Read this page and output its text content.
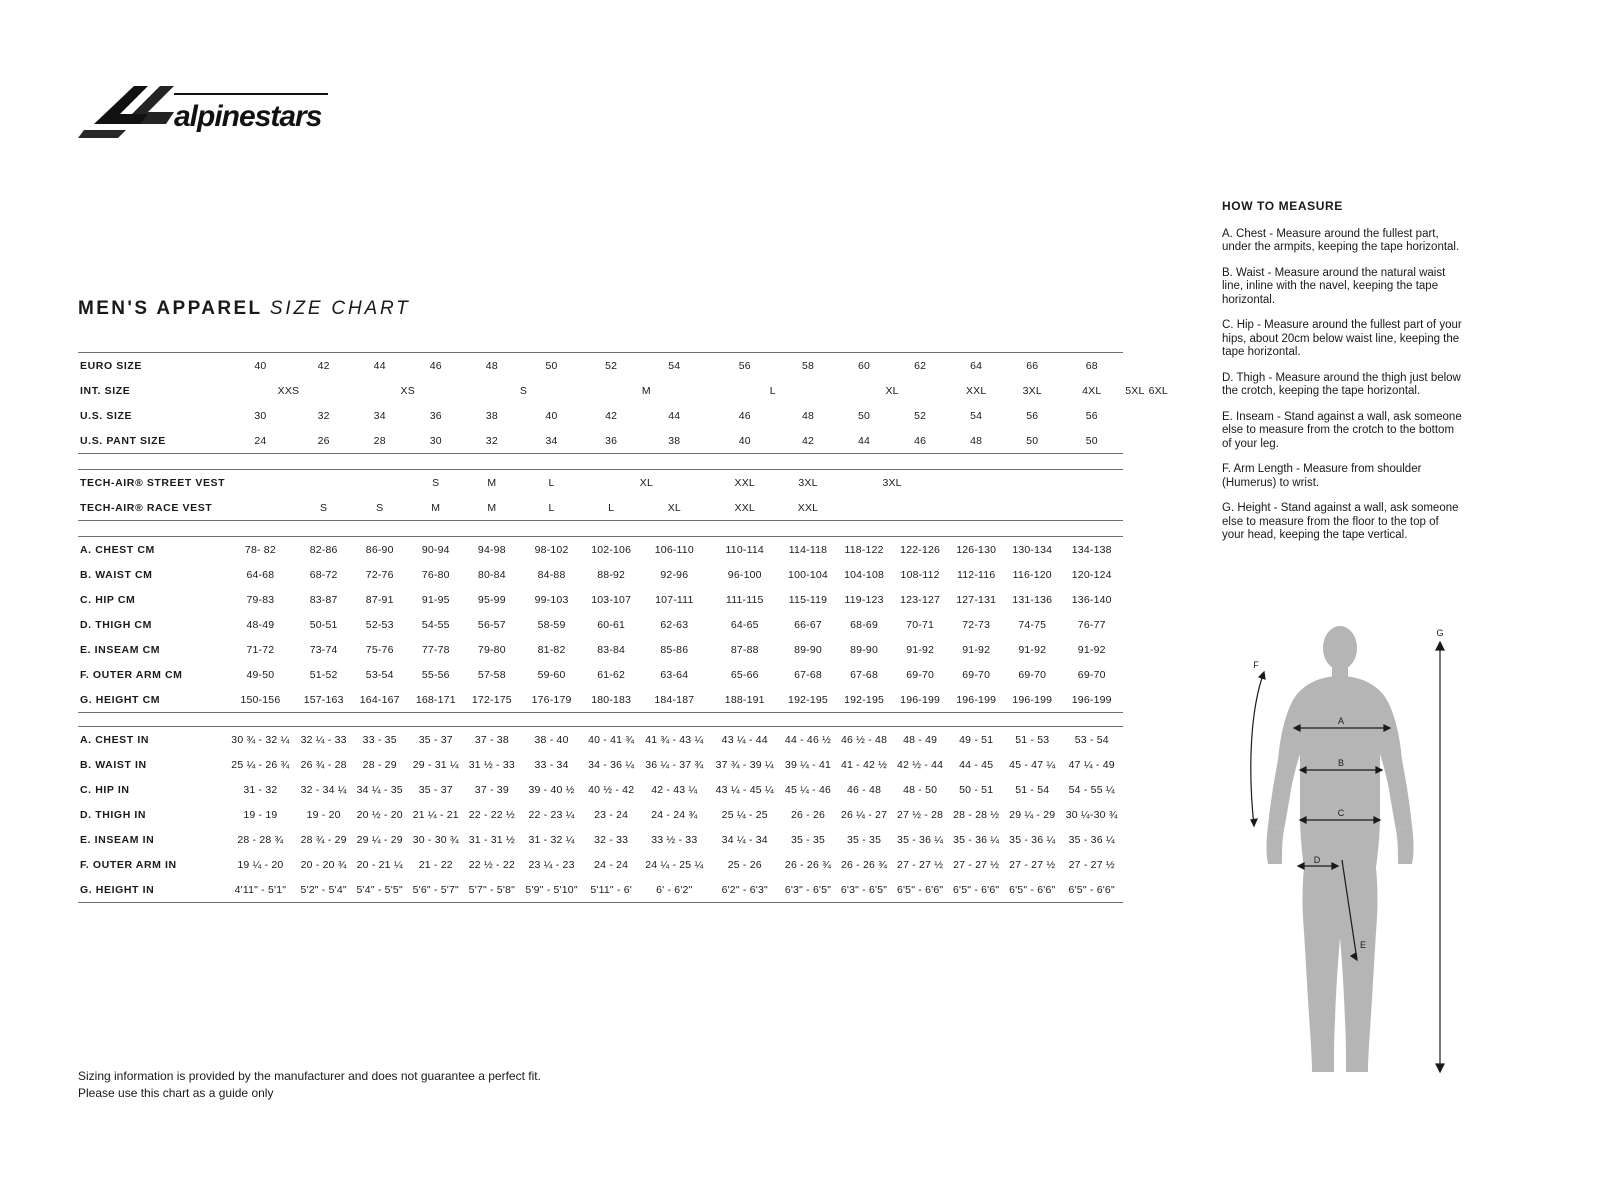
alpinestars
MEN'S APPAREL SIZE CHART
EURO SIZE	40	42	44	46	48	50	52	54	56	58	60	62	64	66	68		
INT. SIZE	XXS		XS		S		M		L		XL		XXL	3XL	4XL	5XL	6XL
U.S. SIZE	30	32	34	36	38	40	42	44	46	48	50	52	54	56	56		
U.S. PANT SIZE	24	26	28	30	32	34	36	38	40	42	44	46	48	50	50		

TECH-AIR® STREET VEST				S	M	L	XL		XXL	3XL	3XL						
TECH-AIR® RACE VEST		S	S	M	M	L	L	XL	XXL	XXL							

A. CHEST CM	78- 82	82-86	86-90	90-94	94-98	98-102	102-106	106-110	110-114	114-118	118-122	122-126	126-130	130-134	134-138		
B. WAIST CM	64-68	68-72	72-76	76-80	80-84	84-88	88-92	92-96	96-100	100-104	104-108	108-112	112-116	116-120	120-124		
C. HIP CM	79-83	83-87	87-91	91-95	95-99	99-103	103-107	107-111	111-115	115-119	119-123	123-127	127-131	131-136	136-140		
D. THIGH CM	48-49	50-51	52-53	54-55	56-57	58-59	60-61	62-63	64-65	66-67	68-69	70-71	72-73	74-75	76-77		
E. INSEAM CM	71-72	73-74	75-76	77-78	79-80	81-82	83-84	85-86	87-88	89-90	89-90	91-92	91-92	91-92	91-92		
F. OUTER ARM CM	49-50	51-52	53-54	55-56	57-58	59-60	61-62	63-64	65-66	67-68	67-68	69-70	69-70	69-70	69-70		
G. HEIGHT CM	150-156	157-163	164-167	168-171	172-175	176-179	180-183	184-187	188-191	192-195	192-195	196-199	196-199	196-199	196-199		

A. CHEST IN	30 ¾ - 32 ¼	32 ¼ - 33	33 - 35	35 - 37	37 - 38	38 - 40	40 - 41 ¾	41 ¾ - 43 ¼	43 ¼ - 44	44 - 46 ½	46 ½ - 48	48 - 49	49 - 51	51 - 53	53 - 54		
B. WAIST IN	25 ¼ - 26 ¾	26 ¾ - 28	28 - 29	29 - 31 ¼	31 ½ - 33	33 - 34	34 - 36 ¼	36 ¼ - 37 ¾	37 ¾ - 39 ¼	39 ¼ - 41	41 - 42 ½	42 ½ - 44	44 - 45	45 - 47 ¼	47 ¼ - 49		
C. HIP IN	31 - 32	32 - 34 ¼	34 ¼ - 35	35 - 37	37 - 39	39 - 40 ½	40 ½ - 42	42 - 43 ¼	43 ¼ - 45 ¼	45 ¼ - 46	46 - 48	48 - 50	50 - 51	51 - 54	54 - 55 ¼		
D. THIGH IN	19 - 19	19 - 20	20 ½ - 20	21 ¼ - 21	22 - 22 ½	22 - 23 ¼	23 - 24	24 - 24 ¾	25 ¼ - 25	26 - 26	26 ¼ - 27	27 ½ - 28	28 - 28 ½	29 ¼ - 29	30 ¼-30 ¾		
E. INSEAM IN	28 - 28 ¾	28 ¾ - 29	29 ¼ - 29	30 - 30 ¾	31 - 31 ½	31 - 32 ¼	32 - 33	33 ½ - 33	34 ¼ - 34	35 - 35	35 - 35	35 - 36 ¼	35 - 36 ¼	35 - 36 ¼	35 - 36 ¼		
F. OUTER ARM IN	19 ¼ - 20	20 - 20 ¾	20 - 21 ¼	21 - 22	22 ½ - 22	23 ¼ - 23	24 - 24	24 ¼ - 25 ¼	25 - 26	26 - 26 ¾	26 - 26 ¾	27 - 27 ½	27 - 27 ½	27 - 27 ½	27 - 27 ½		
G. HEIGHT IN	4'11" - 5'1"	5'2" - 5'4"	5'4" - 5'5"	5'6" - 5'7"	5'7" - 5'8"	5'9" - 5'10"	5'11" - 6'	6' - 6'2"	6'2" - 6'3"	6'3" - 6'5"	6'3" - 6'5"	6'5" - 6'6"	6'5" - 6'6"	6'5" - 6'6"	6'5" - 6'6"		
HOW TO MEASURE

A. Chest - Measure around the fullest part, under the armpits, keeping the tape horizontal.

B. Waist - Measure around the natural waist line, inline with the navel, keeping the tape horizontal.

C. Hip - Measure around the fullest part of your hips, about 20cm below waist line, keeping the tape horizontal.

D. Thigh - Measure around the thigh just below the crotch, keeping the tape horizontal.

E. Inseam - Stand against a wall, ask someone else to measure from the crotch to the bottom of your leg.

F. Arm Length - Measure from shoulder (Humerus) to wrist.

G. Height - Stand against a wall, ask someone else to measure from the floor to the top of your head, keeping the tape vertical.

A
B
C
D
E
F
G
Sizing information is provided by the manufacturer and does not guarantee a perfect fit.
Please use this chart as a guide only
